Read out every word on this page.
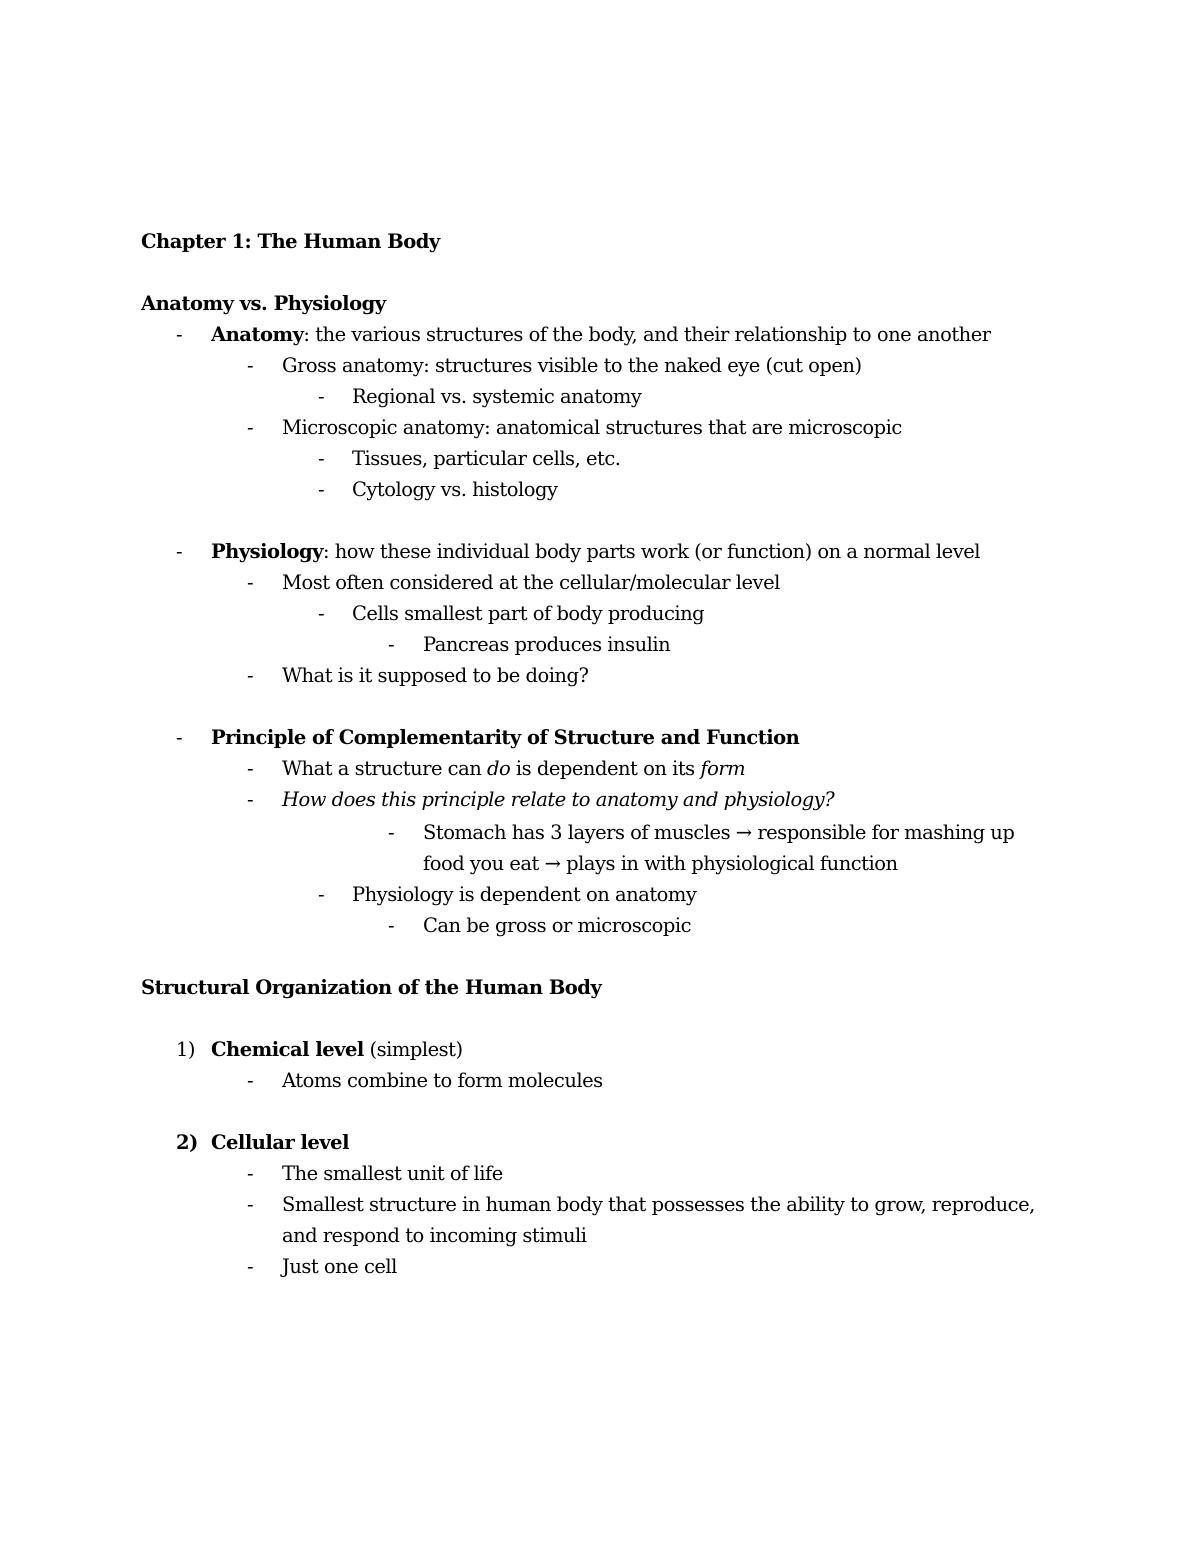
Chapter 1: The Human Body
Anatomy vs. Physiology
- Anatomy: the various structures of the body, and their relationship to one another
- Gross anatomy: structures visible to the naked eye (cut open)
- Regional vs. systemic anatomy
- Microscopic anatomy: anatomical structures that are microscopic
- Tissues, particular cells, etc.
- Cytology vs. histology
- Physiology: how these individual body parts work (or function) on a normal level
- Most often considered at the cellular/molecular level
- Cells smallest part of body producing
- Pancreas produces insulin
- What is it supposed to be doing?
- Principle of Complementarity of Structure and Function
- What a structure can do is dependent on its form
- How does this principle relate to anatomy and physiology?
- Stomach has 3 layers of muscles → responsible for mashing up
food you eat → plays in with physiological function
- Physiology is dependent on anatomy
- Can be gross or microscopic
Structural Organization of the Human Body
1) Chemical level (simplest)
- Atoms combine to form molecules
2) Cellular level
- The smallest unit of life
- Smallest structure in human body that possesses the ability to grow, reproduce,
and respond to incoming stimuli
- Just one cell
